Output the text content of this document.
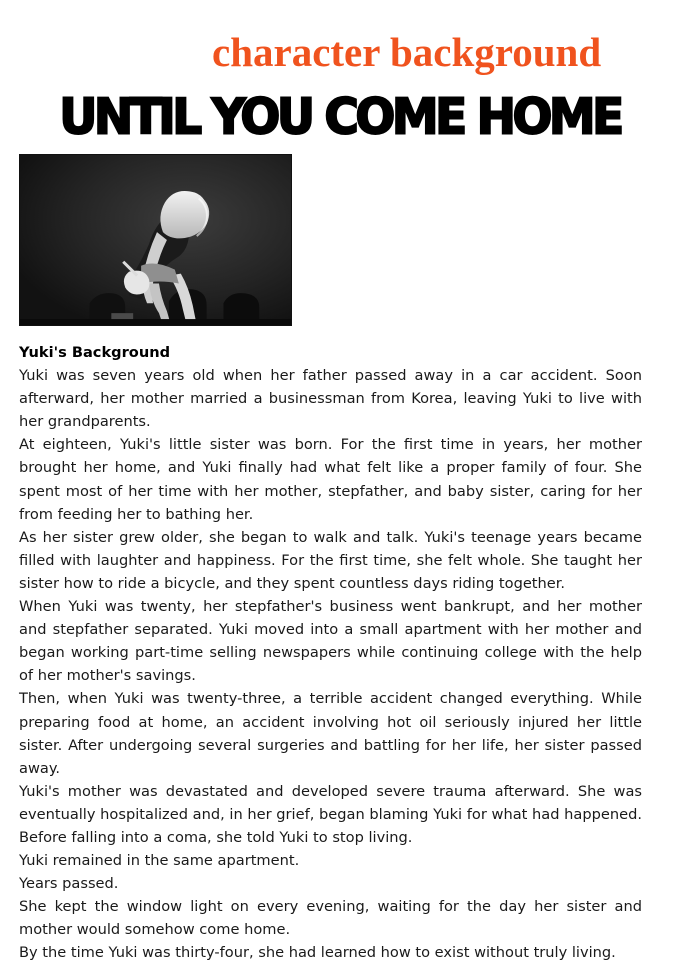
character background
UNTIL YOU COME HOME
Yuki's Background

Yuki was seven years old when her father passed away in a car accident. Soon afterward, her mother married a businessman from Korea, leaving Yuki to live with her grandparents.

At eighteen, Yuki's little sister was born. For the first time in years, her mother brought her home, and Yuki finally had what felt like a proper family of four. She spent most of her time with her mother, stepfather, and baby sister, caring for her from feeding her to bathing her.

As her sister grew older, she began to walk and talk. Yuki's teenage years became filled with laughter and happiness. For the first time, she felt whole. She taught her sister how to ride a bicycle, and they spent countless days riding together.

When Yuki was twenty, her stepfather's business went bankrupt, and her mother and stepfather separated. Yuki moved into a small apartment with her mother and began working part-time selling newspapers while continuing college with the help of her mother's savings.

Then, when Yuki was twenty-three, a terrible accident changed everything. While preparing food at home, an accident involving hot oil seriously injured her little sister. After undergoing several surgeries and battling for her life, her sister passed away.

Yuki's mother was devastated and developed severe trauma afterward. She was eventually hospitalized and, in her grief, began blaming Yuki for what had happened. Before falling into a coma, she told Yuki to stop living.

Yuki remained in the same apartment.

Years passed.

She kept the window light on every evening, waiting for the day her sister and mother would somehow come home.

By the time Yuki was thirty-four, she had learned how to exist without truly living.
